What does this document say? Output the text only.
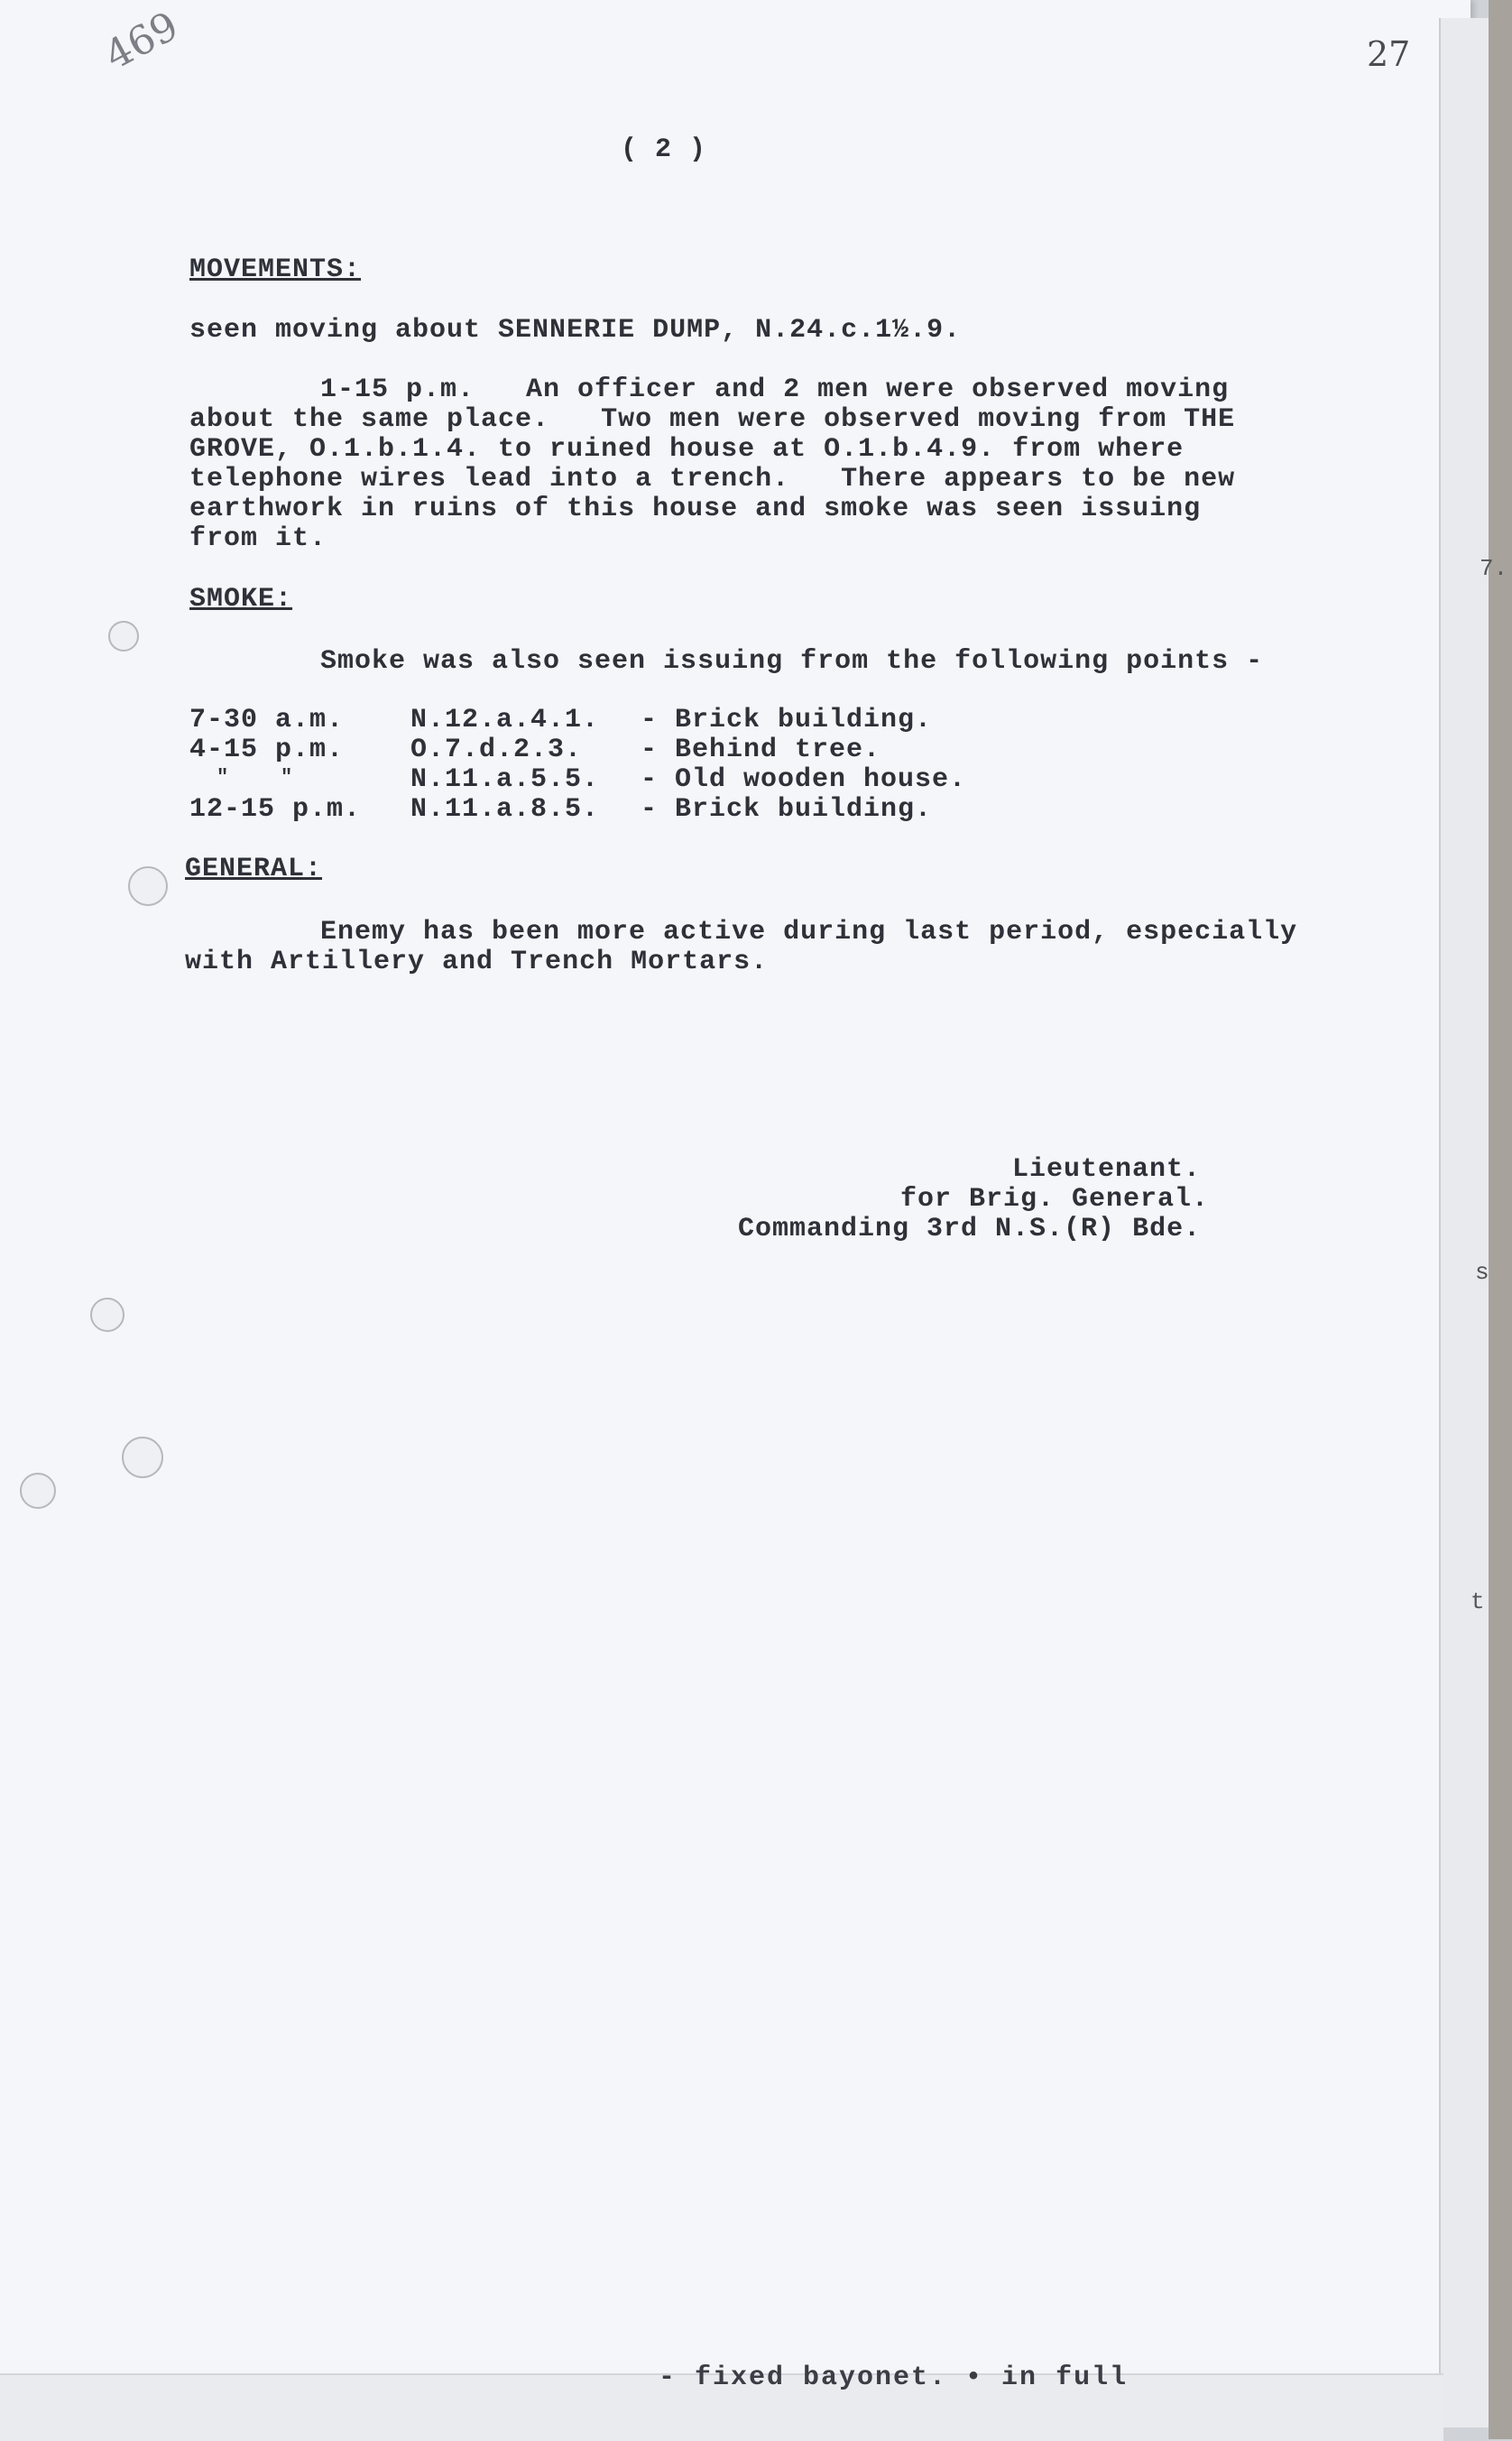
- fixed bayonet. • in full
7.
s
t
469	27
( 2 )
MOVEMENTS:
seen moving about SENNERIE DUMP, N.24.c.1½.9.
1-15 p.m.   An officer and 2 men were observed moving
about the same place.   Two men were observed moving from THE
GROVE, O.1.b.1.4. to ruined house at O.1.b.4.9. from where
telephone wires lead into a trench.   There appears to be new
earthwork in ruins of this house and smoke was seen issuing
from it.
SMOKE:
Smoke was also seen issuing from the following points -
7-30 a.m. N.12.a.4.1. - Brick building.
4-15 p.m. O.7.d.2.3. - Behind tree.
"    "	N.11.a.5.5. - Old wooden house.
12-15 p.m. N.11.a.8.5. - Brick building.
GENERAL:
Enemy has been more active during last period, especially
with Artillery and Trench Mortars.
Lieutenant.
for Brig. General.
Commanding 3rd N.S.(R) Bde.
